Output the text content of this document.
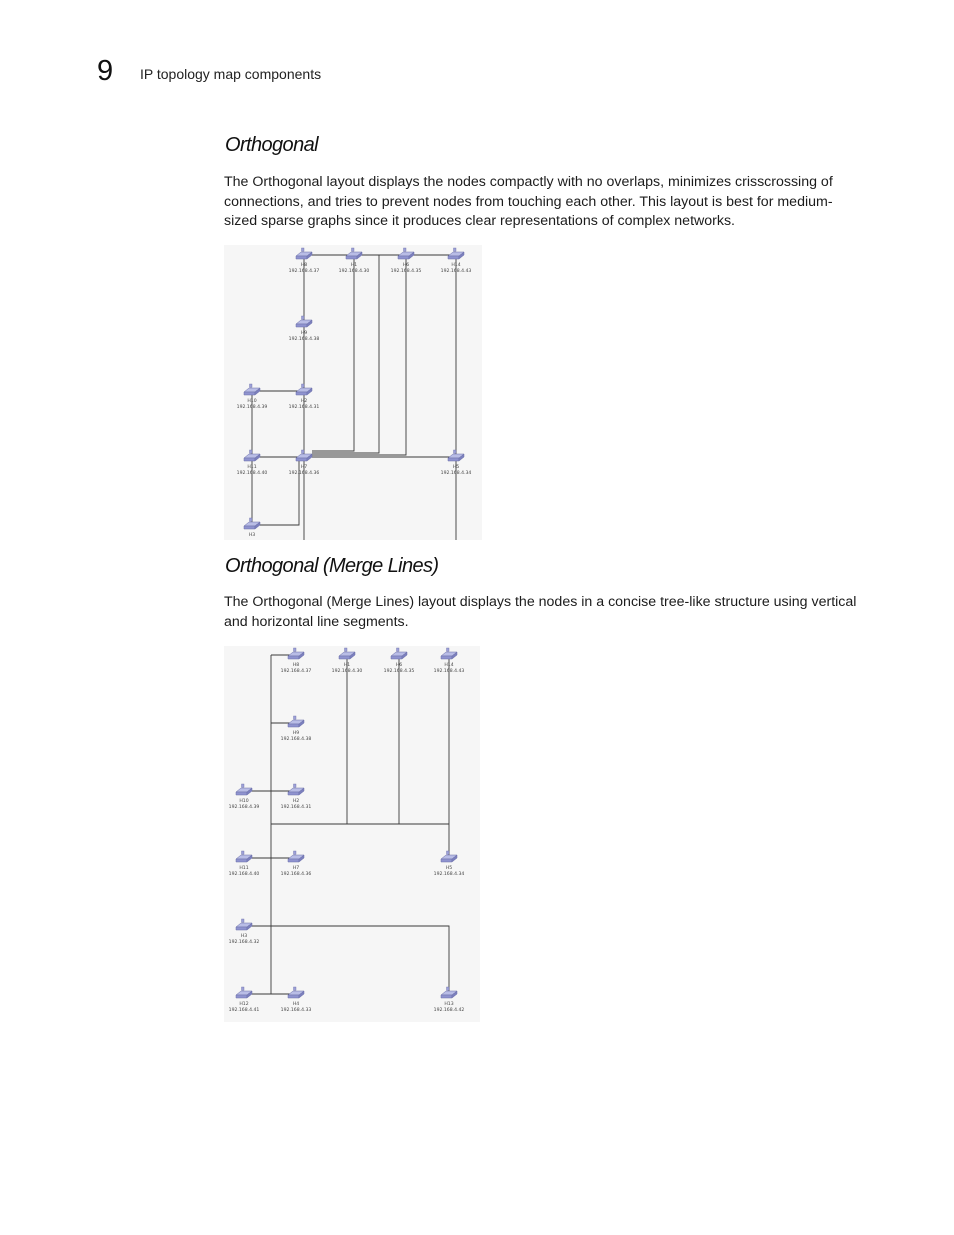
9 IP topology map components
Orthogonal

The Orthogonal layout displays the nodes compactly with no overlaps, minimizes crisscrossing of connections, and tries to prevent nodes from touching each other. This layout is best for medium-sized sparse graphs since it produces clear representations of complex networks.

H8
192.168.4.37
H1
192.168.4.30
H6
192.168.4.35
H14
192.168.4.43
H9
192.168.4.38
H10
192.168.4.39
H2
192.168.4.31
H11
192.168.4.40
H7
192.168.4.36
H5
192.168.4.34
H3
Orthogonal (Merge Lines)

The Orthogonal (Merge Lines) layout displays the nodes in a concise tree-like structure using vertical and horizontal line segments.

H8
192.168.4.37
H1
192.168.4.30
H6
192.168.4.35
H14
192.168.4.43
H9
192.168.4.38
H10
192.168.4.39
H2
192.168.4.31
H11
192.168.4.40
H7
192.168.4.36
H5
192.168.4.34
H3
192.168.4.32
H12
192.168.4.41
H4
192.168.4.33
H13
192.168.4.42
